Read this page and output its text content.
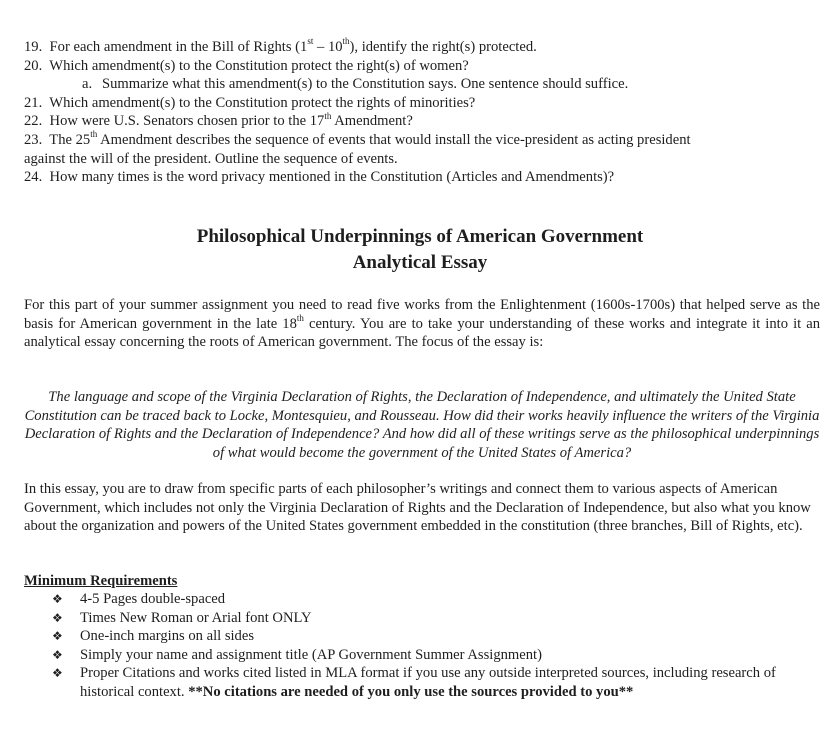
19. For each amendment in the Bill of Rights (1st – 10th), identify the right(s) protected.
20. Which amendment(s) to the Constitution protect the right(s) of women?
a. Summarize what this amendment(s) to the Constitution says. One sentence should suffice.
21. Which amendment(s) to the Constitution protect the rights of minorities?
22. How were U.S. Senators chosen prior to the 17th Amendment?
23. The 25th Amendment describes the sequence of events that would install the vice-president as acting president
against the will of the president. Outline the sequence of events.
24. How many times is the word privacy mentioned in the Constitution (Articles and Amendments)?
Philosophical Underpinnings of American Government
Analytical Essay
For this part of your summer assignment you need to read five works from the Enlightenment (1600s-1700s) that helped serve as the basis for American government in the late 18th century. You are to take your understanding of these works and integrate it into it an analytical essay concerning the roots of American government. The focus of the essay is:
The language and scope of the Virginia Declaration of Rights, the Declaration of Independence, and ultimately the United State Constitution can be traced back to Locke, Montesquieu, and Rousseau. How did their works heavily influence the writers of the Virginia Declaration of Rights and the Declaration of Independence? And how did all of these writings serve as the philosophical underpinnings of what would become the government of the United States of America?
In this essay, you are to draw from specific parts of each philosopher’s writings and connect them to various aspects of American Government, which includes not only the Virginia Declaration of Rights and the Declaration of Independence, but also what you know about the organization and powers of the United States government embedded in the constitution (three branches, Bill of Rights, etc).
Minimum Requirements
❖	4-5 Pages double-spaced
❖	Times New Roman or Arial font ONLY
❖	One-inch margins on all sides
❖	Simply your name and assignment title (AP Government Summer Assignment)
❖	Proper Citations and works cited listed in MLA format if you use any outside interpreted sources, including research of historical context. **No citations are needed of you only use the sources provided to you**
